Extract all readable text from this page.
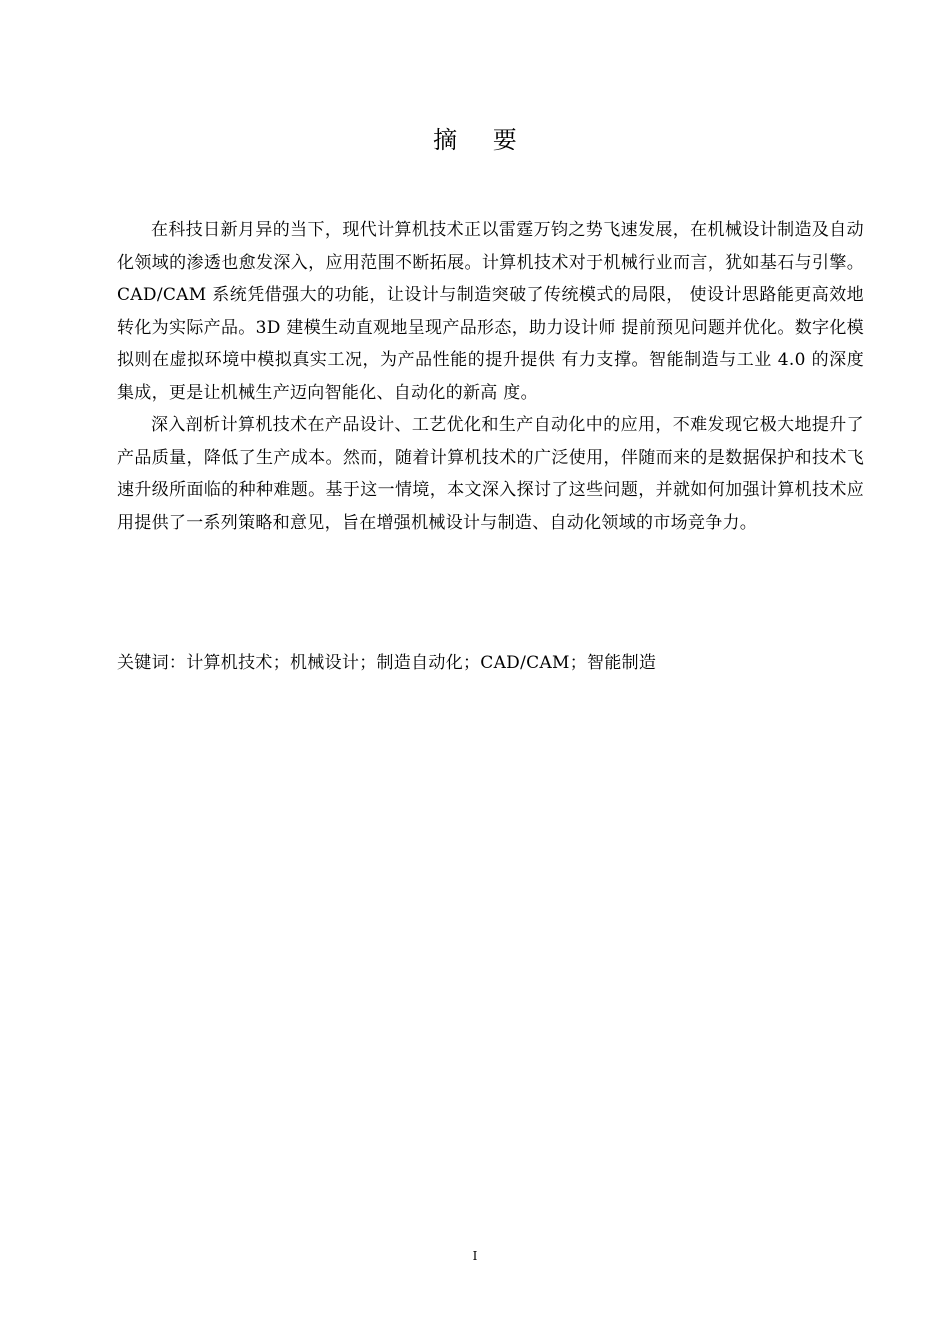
摘 要

在科技日新月异的当下，现代计算机技术正以雷霆万钧之势飞速发展，在机械设计制造及自动化领域的渗透也愈发深入，应用范围不断拓展。计算机技术对于机械行业而言，犹如基石与引擎。CAD/CAM 系统凭借强大的功能，让设计与制造突破了传统模式的局限， 使设计思路能更高效地转化为实际产品。3D 建模生动直观地呈现产品形态，助力设计师 提前预见问题并优化。数字化模拟则在虚拟环境中模拟真实工况，为产品性能的提升提供 有力支撑。智能制造与工业 4.0 的深度集成，更是让机械生产迈向智能化、自动化的新高 度。

深入剖析计算机技术在产品设计、工艺优化和生产自动化中的应用，不难发现它极大地提升了产品质量，降低了生产成本。然而，随着计算机技术的广泛使用，伴随而来的是数据保护和技术飞速升级所面临的种种难题。基于这一情境，本文深入探讨了这些问题，并就如何加强计算机技术应用提供了一系列策略和意见，旨在增强机械设计与制造、自动化领域的市场竞争力。

关键词：计算机技术；机械设计；制造自动化；CAD/CAM；智能制造
I
